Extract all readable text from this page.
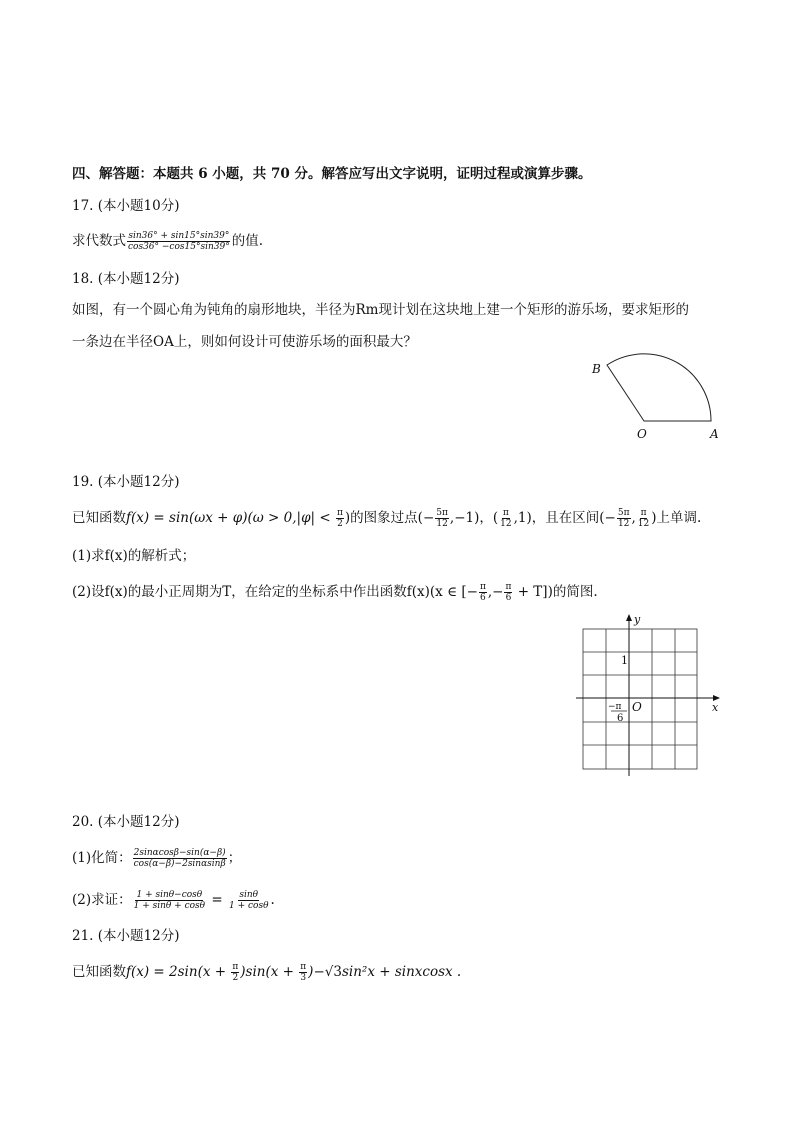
四、解答题：本题共 6 小题，共 70 分。解答应写出文字说明，证明过程或演算步骤。
17. (本小题10分)
求代数式 $\frac{\sin 36^\circ + \sin 15^\circ\sin 39^\circ}{\cos 36^\circ -\cos 15^\circ\sin 39^\circ}$ 的值.
18. (本小题12分)
如图，有一个圆心角为钝角的扇形地块，半径为Rm现计划在这块地上建一个矩形的游乐场，要求矩形的
一条边在半径OA上，则如何设计可使游乐场的面积最大？
B
O	A
19. (本小题12分)
已知函数$f(x) = \sin(\omega x + \varphi)(\omega > 0,|\varphi| < \frac{\pi}{2}$ )的图象过点(− $\frac{5\pi}{12} ,-1$)，( $\frac{\pi}{12} ,1$)，且在区间(− $\frac{5\pi}{12}$ , $\frac{\pi}{12}$ )上单调.
(1)求f(x)的解析式；
(2)设f(x)的最小正周期为T，在给定的坐标系中作出函数f(x)(x ∈ [− $\frac{\pi}{6}$ ,− $\frac{\pi}{6} + T$])的简图.
y
1
x
O
−π
6
20. (本小题12分)
(1)化简： $\frac{2\sin\alpha\cos\beta-\sin(\alpha-\beta)}{\cos(\alpha-\beta)-2\sin\alpha\sin\beta}$ ；
(2)求证： $\frac{1 + \sin\theta-\cos\theta}{1 + \sin\theta + \cos\theta} = \frac{\sin\theta}{1 + \cos\theta}$ .
21. (本小题12分)
已知函数$f(x) = 2\sin(x + \frac{\pi}{2} )\sin(x + \frac{\pi}{3} )-√3\sin^2x$ + sinxcosx .
